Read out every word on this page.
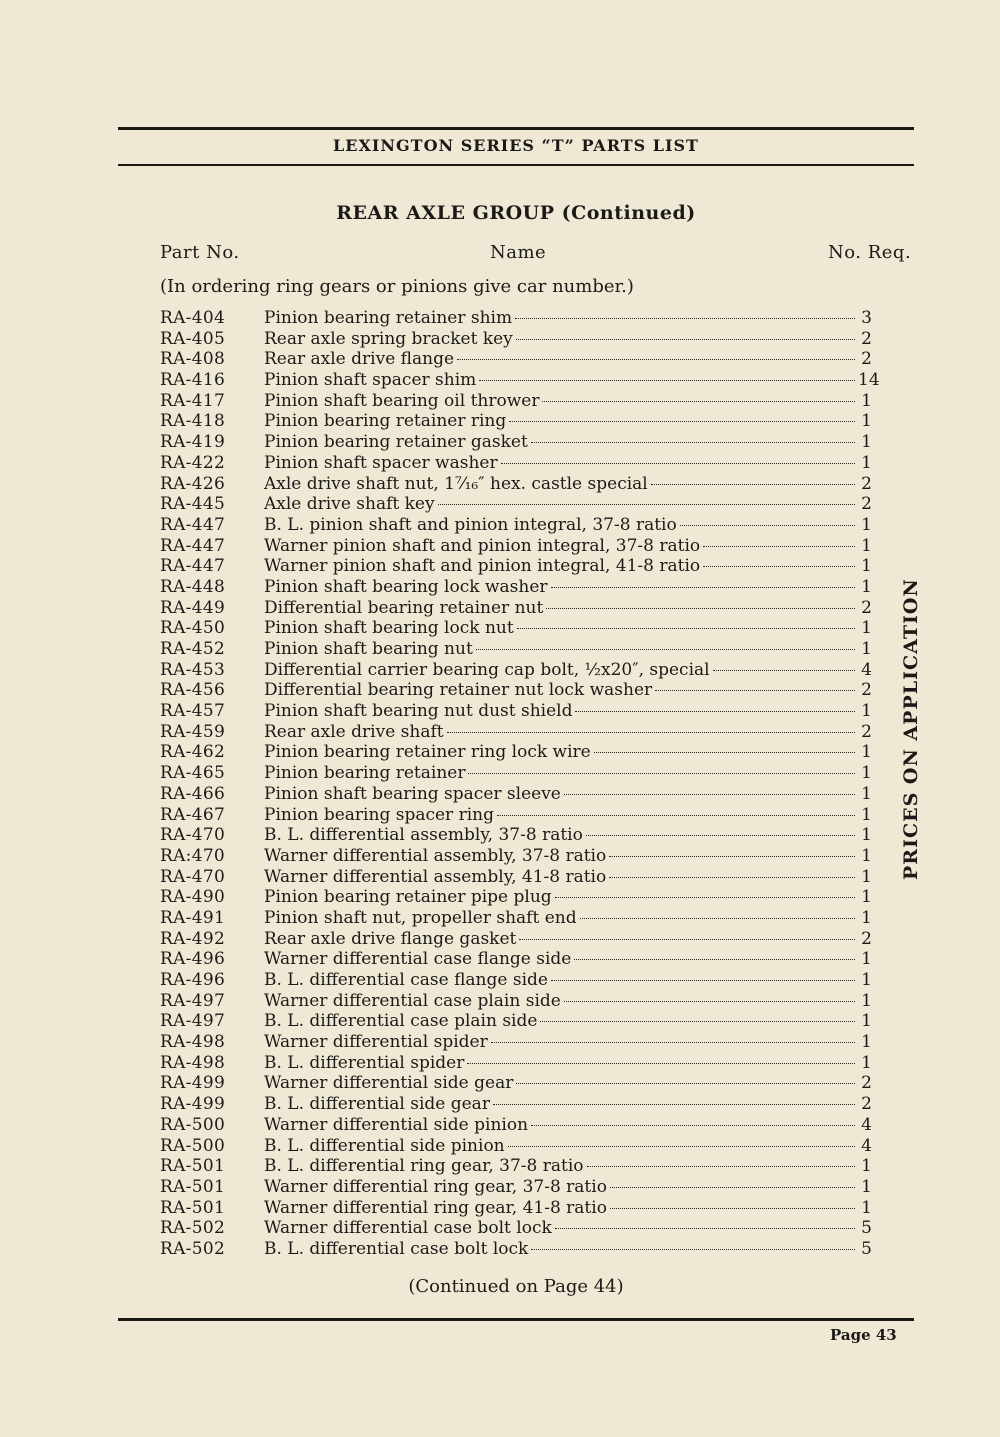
LEXINGTON SERIES “T” PARTS LIST
REAR AXLE GROUP (Continued)
Part No.	Name	No. Req.
(In ordering ring gears or pinions give car number.)
RA-404	Pinion bearing retainer shim	3
RA-405	Rear axle spring bracket key	2
RA-408	Rear axle drive flange	2
RA-416	Pinion shaft spacer shim	14
RA-417	Pinion shaft bearing oil thrower	1
RA-418	Pinion bearing retainer ring	1
RA-419	Pinion bearing retainer gasket	1
RA-422	Pinion shaft spacer washer	1
RA-426	Axle drive shaft nut, 1⁷⁄₁₆″ hex. castle special	2
RA-445	Axle drive shaft key	2
RA-447	B. L. pinion shaft and pinion integral, 37-8 ratio	1
RA-447	Warner pinion shaft and pinion integral, 37-8 ratio	1
RA-447	Warner pinion shaft and pinion integral, 41-8 ratio	1
RA-448	Pinion shaft bearing lock washer	1
RA-449	Differential bearing retainer nut	2
RA-450	Pinion shaft bearing lock nut	1
RA-452	Pinion shaft bearing nut	1
RA-453	Differential carrier bearing cap bolt, ½x20″, special	4
RA-456	Differential bearing retainer nut lock washer	2
RA-457	Pinion shaft bearing nut dust shield	1
RA-459	Rear axle drive shaft	2
RA-462	Pinion bearing retainer ring lock wire	1
RA-465	Pinion bearing retainer	1
RA-466	Pinion shaft bearing spacer sleeve	1
RA-467	Pinion bearing spacer ring	1
RA-470	B. L. differential assembly, 37-8 ratio	1
RA:470	Warner differential assembly, 37-8 ratio	1
RA-470	Warner differential assembly, 41-8 ratio	1
RA-490	Pinion bearing retainer pipe plug	1
RA-491	Pinion shaft nut, propeller shaft end	1
RA-492	Rear axle drive flange gasket	2
RA-496	Warner differential case flange side	1
RA-496	B. L. differential case flange side	1
RA-497	Warner differential case plain side	1
RA-497	B. L. differential case plain side	1
RA-498	Warner differential spider	1
RA-498	B. L. differential spider	1
RA-499	Warner differential side gear	2
RA-499	B. L. differential side gear	2
RA-500	Warner differential side pinion	4
RA-500	B. L. differential side pinion	4
RA-501	B. L. differential ring gear, 37-8 ratio	1
RA-501	Warner differential ring gear, 37-8 ratio	1
RA-501	Warner differential ring gear, 41-8 ratio	1
RA-502	Warner differential case bolt lock	5
RA-502	B. L. differential case bolt lock	5
PRICES ON APPLICATION
(Continued on Page 44)
Page 43
